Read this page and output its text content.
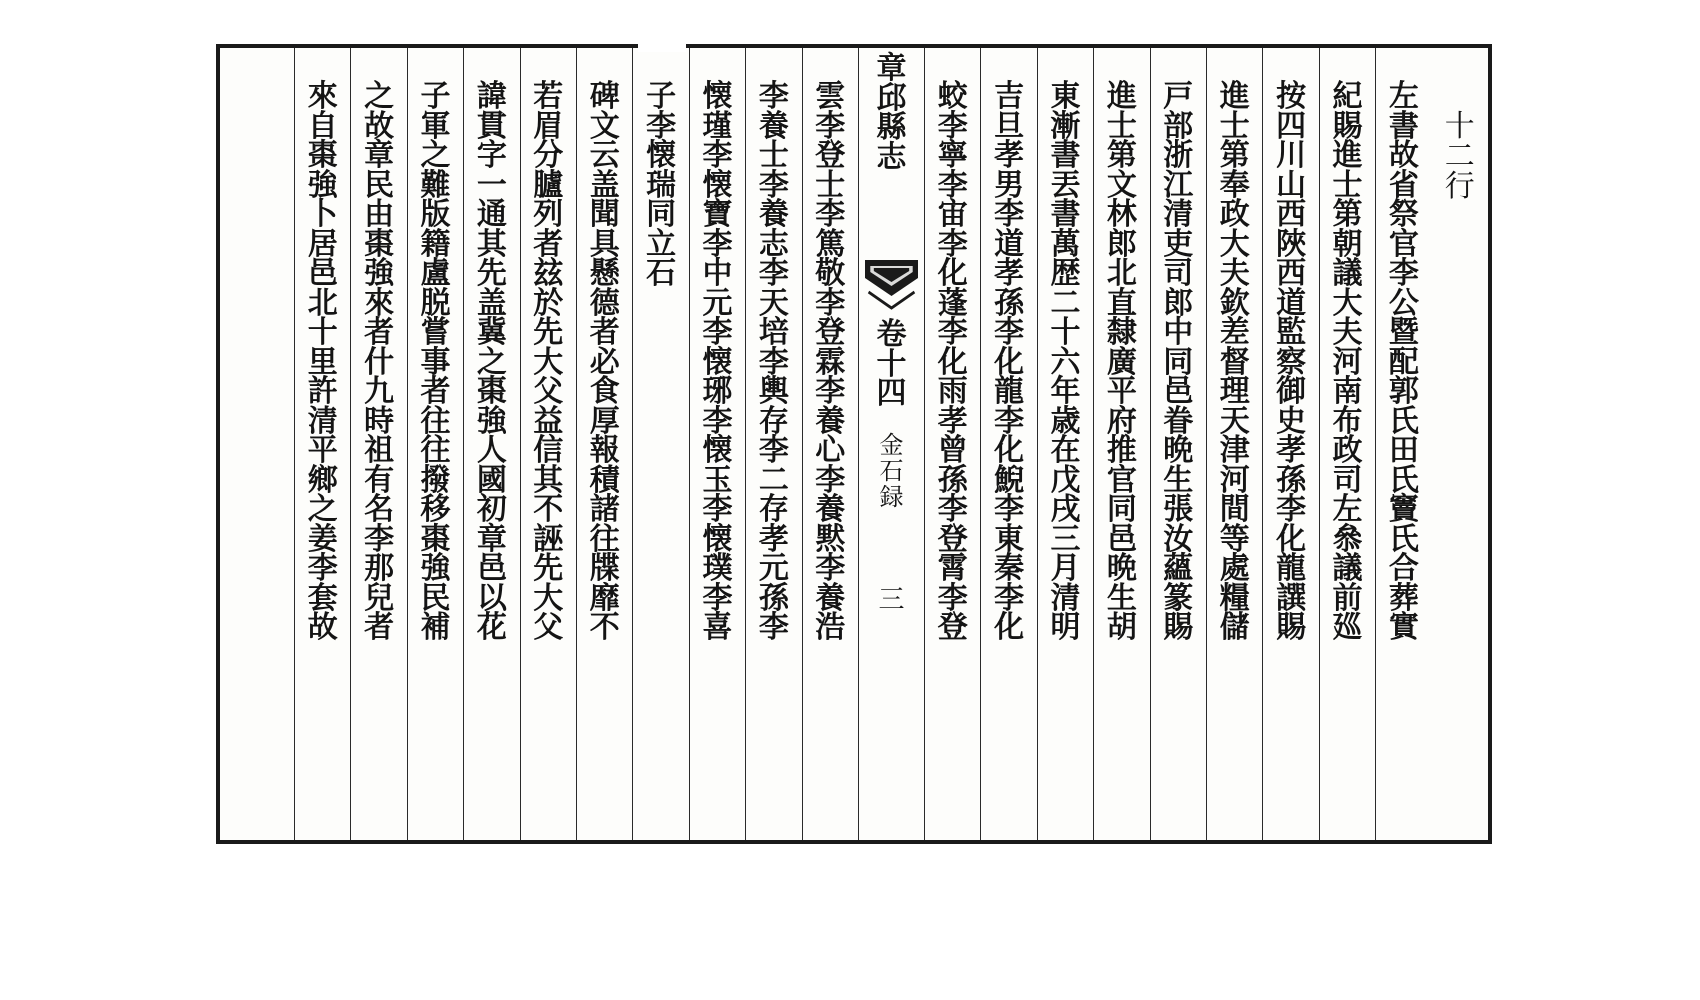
十
二
行
左
書
故
省
祭
官
李
公
暨
配
郭
氏
田
氏
竇
氏
合
葬
實
紀
賜
進
士
第
朝
議
大
夫
河
南
布
政
司
左
叅
議
前
廵
按
四
川
山
西
陜
西
道
監
察
御
史
孝
孫
李
化
龍
譔
賜
進
士
第
奉
政
大
夫
欽
差
督
理
天
津
河
間
等
處
糧
儲
戸
部
浙
江
清
吏
司
郎
中
同
邑
眷
晩
生
張
汝
蘊
篆
賜
進
士
第
文
林
郎
北
直
隸
廣
平
府
推
官
同
邑
晩
生
胡
東
漸
書
丟
書
萬
歴
二
十
六
年
歳
在
戊
戌
三
月
清
明
吉
旦
孝
男
李
道
孝
孫
李
化
龍
李
化
鯢
李
東
秦
李
化
蛟
李
寧
李
宙
李
化
蓬
李
化
雨
孝
曾
孫
李
登
霄
李
登
章
邱
縣
志
卷
十
四
金
石
録
三
雲
李
登
士
李
篤
敬
李
登
霖
李
養
心
李
養
黙
李
養
浩
李
養
士
李
養
志
李
天
培
李
輿
存
李
二
存
孝
元
孫
李
懐
瑾
李
懐
寶
李
中
元
李
懐
琊
李
懐
玉
李
懐
璞
李
喜
子
李
懐
瑞
同
立
石
碑
文
云
盖
聞
具
懸
德
者
必
食
厚
報
積
諸
往
牒
靡
不
若
眉
分
臚
列
者
玆
於
先
大
父
益
信
其
不
誣
先
大
父
諱
貫
字
一
通
其
先
盖
冀
之
棗
強
人
國
初
章
邑
以
花
子
軍
之
難
版
籍
盧
脱
嘗
事
者
往
往
撥
移
棗
強
民
補
之
故
章
民
由
棗
強
來
者
什
九
時
祖
有
名
李
那
兒
者
來
自
棗
強
卜
居
邑
北
十
里
許
清
平
鄉
之
姜
李
套
故
